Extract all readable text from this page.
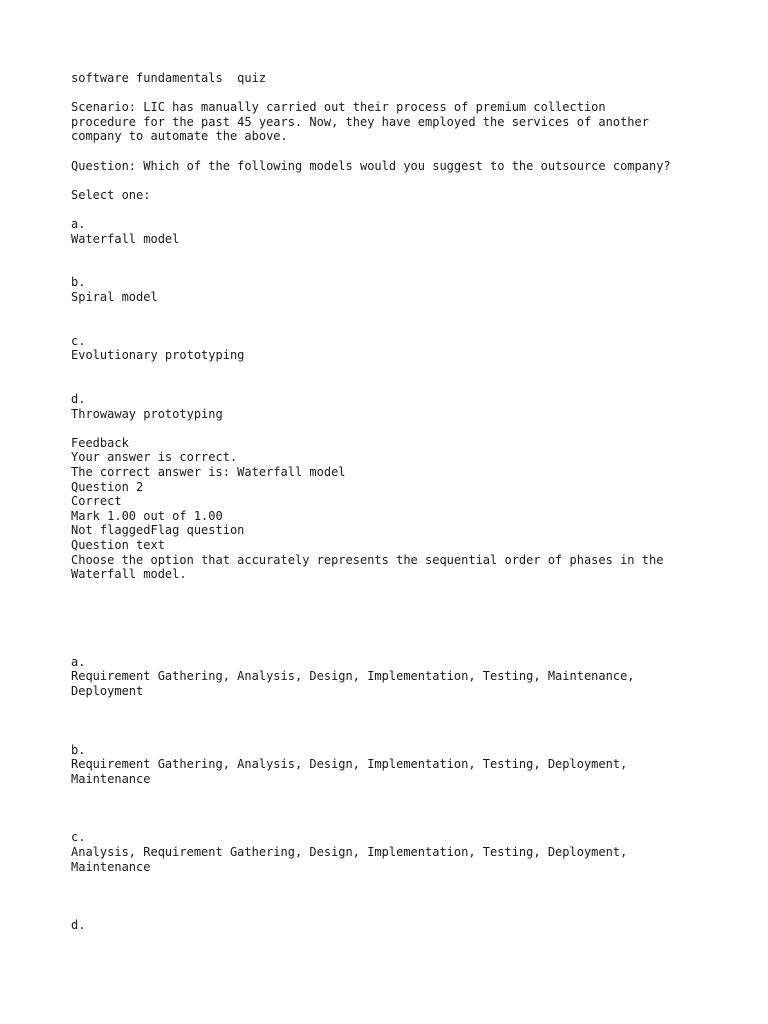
software fundamentals  quiz
Scenario: LIC has manually carried out their process of premium collection
procedure for the past 45 years. Now, they have employed the services of another
company to automate the above.
Question: Which of the following models would you suggest to the outsource company?
Select one:
a.
Waterfall model
b.
Spiral model
c.
Evolutionary prototyping
d.
Throwaway prototyping
Feedback
Your answer is correct.
The correct answer is: Waterfall model
Question 2
Correct
Mark 1.00 out of 1.00
Not flaggedFlag question
Question text
Choose the option that accurately represents the sequential order of phases in the
Waterfall model.
a.
Requirement Gathering, Analysis, Design, Implementation, Testing, Maintenance,
Deployment
b.
Requirement Gathering, Analysis, Design, Implementation, Testing, Deployment,
Maintenance
c.
Analysis, Requirement Gathering, Design, Implementation, Testing, Deployment,
Maintenance
d.
